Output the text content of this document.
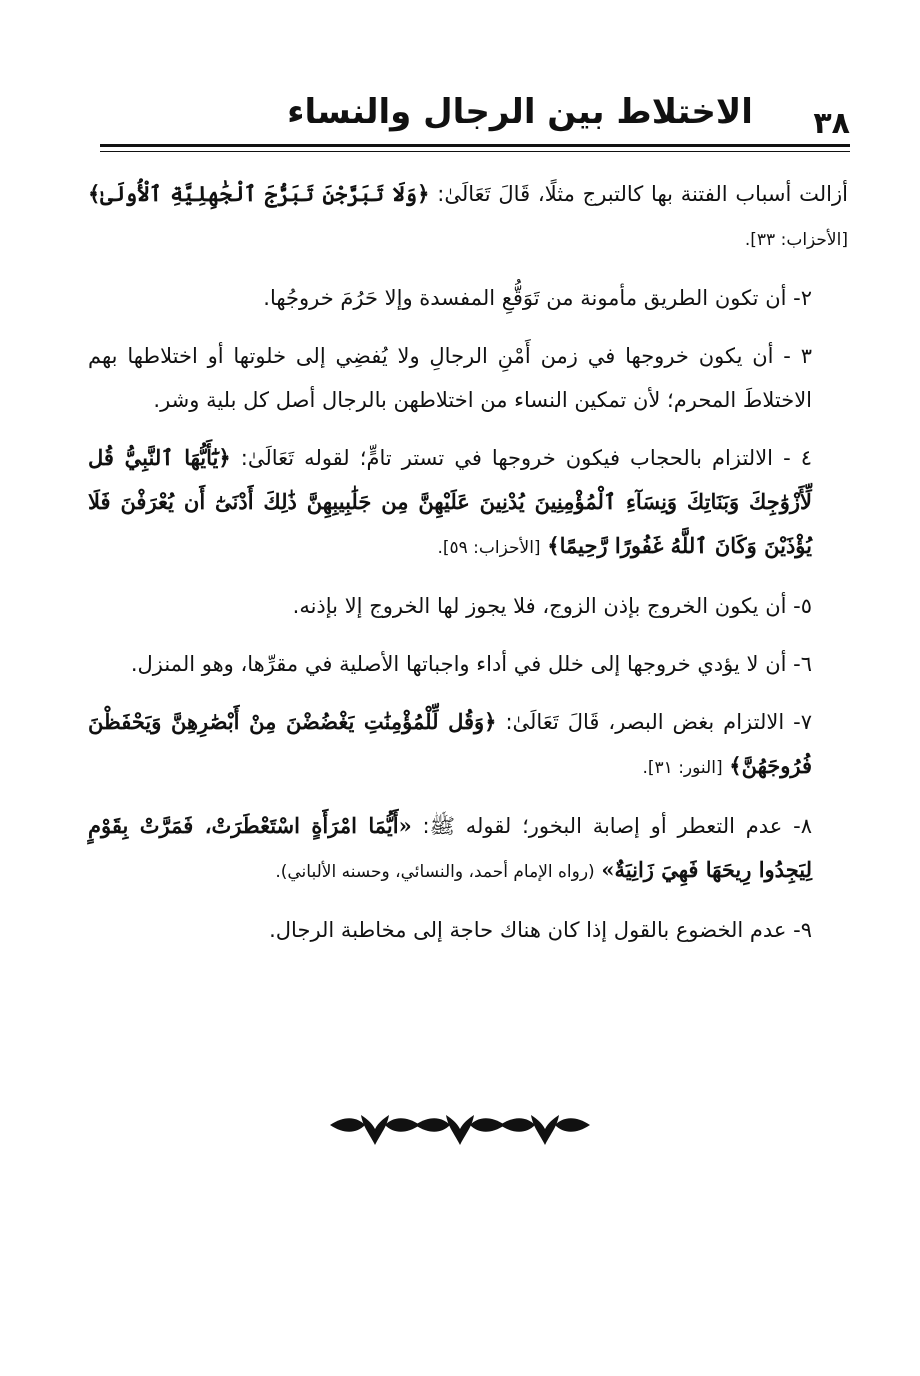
الاختلاط بين الرجال والنساء	٣٨

أزالت أسباب الفتنة بها كالتبرج مثلًا، قَالَ تَعَالَىٰ: ﴿وَلَا تَبَرَّجْنَ تَبَرُّجَ ٱلْجَٰهِلِيَّةِ ٱلْأُولَىٰ﴾ [الأحزاب: ٣٣].

٢- أن تكون الطريق مأمونة من تَوَقُّعِ المفسدة وإلا حَرُمَ خروجُها.

٣ - أن يكون خروجها في زمن أَمْنِ الرجالِ ولا يُفضِي إلى خلوتها أو اختلاطها بهم الاختلاطَ المحرم؛ لأن تمكين النساء من اختلاطهن بالرجال أصل كل بلية وشر.

٤ - الالتزام بالحجاب فيكون خروجها في تستر تامٍّ؛ لقوله تَعَالَىٰ: ﴿يَٰٓأَيُّهَا ٱلنَّبِيُّ قُل لِّأَزْوَٰجِكَ وَبَنَاتِكَ وَنِسَآءِ ٱلْمُؤْمِنِينَ يُدْنِينَ عَلَيْهِنَّ مِن جَلَٰبِيبِهِنَّ ذَٰلِكَ أَدْنَىٰٓ أَن يُعْرَفْنَ فَلَا يُؤْذَيْنَ وَكَانَ ٱللَّهُ غَفُورًا رَّحِيمًا﴾ [الأحزاب: ٥٩].

٥- أن يكون الخروج بإذن الزوج، فلا يجوز لها الخروج إلا بإذنه.

٦- أن لا يؤدي خروجها إلى خلل في أداء واجباتها الأصلية في مقرِّها، وهو المنزل.

٧- الالتزام بغض البصر، قَالَ تَعَالَىٰ: ﴿وَقُل لِّلْمُؤْمِنَٰتِ يَغْضُضْنَ مِنْ أَبْصَٰرِهِنَّ وَيَحْفَظْنَ فُرُوجَهُنَّ﴾ [النور: ٣١].

٨- عدم التعطر أو إصابة البخور؛ لقوله ﷺ: «أَيُّمَا امْرَأَةٍ اسْتَعْطَرَتْ، فَمَرَّتْ بِقَوْمٍ لِيَجِدُوا رِيحَهَا فَهِيَ زَانِيَةٌ» (رواه الإمام أحمد، والنسائي، وحسنه الألباني).

٩- عدم الخضوع بالقول إذا كان هناك حاجة إلى مخاطبة الرجال.
